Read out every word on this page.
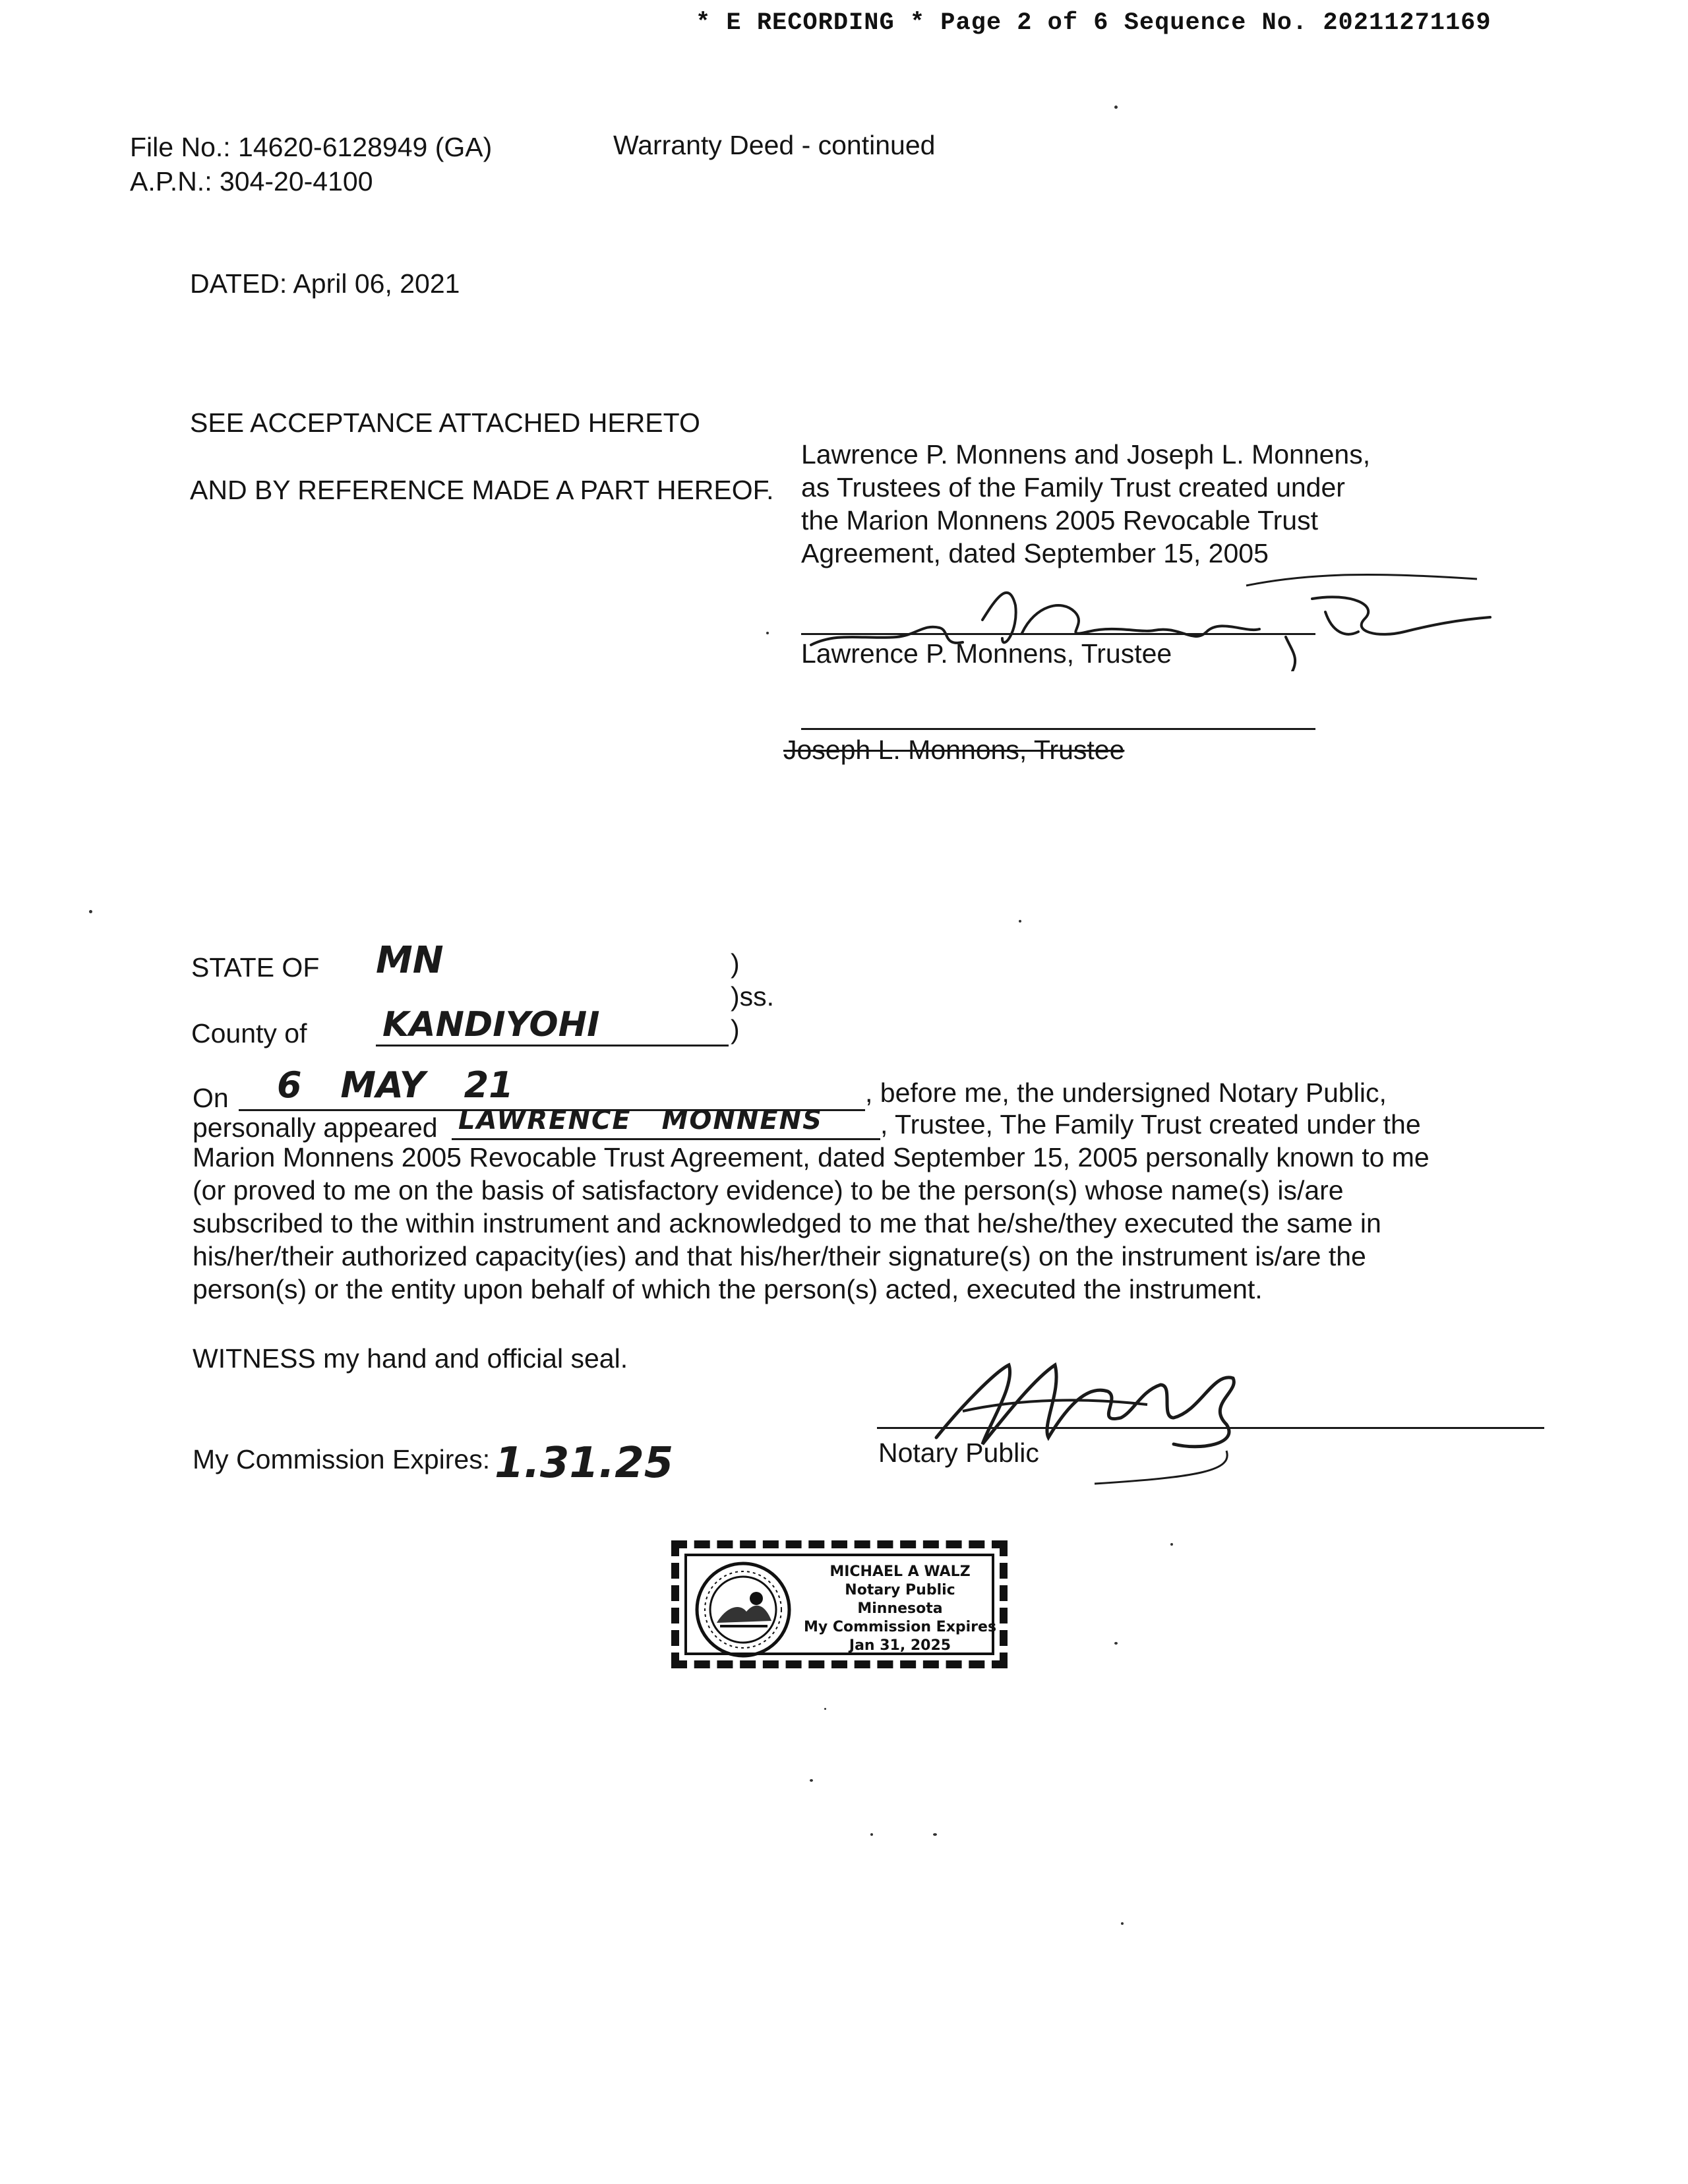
* E RECORDING * Page 2 of 6 Sequence No. 20211271169
File No.: 14620-6128949 (GA)
A.P.N.: 304-20-4100
Warranty Deed - continued
DATED: April 06, 2021
SEE ACCEPTANCE ATTACHED HERETO
AND BY REFERENCE MADE A PART HEREOF.
Lawrence P. Monnens and Joseph L. Monnens,
as Trustees of the Family Trust created under
the Marion Monnens 2005 Revocable Trust
Agreement, dated September 15, 2005
Lawrence P. Monnens, Trustee
Joseph L. Monnons, Trustee
STATE OF MN	)
)ss.
County of KANDIYOHI	)
On 6 MAY 21	, before me, the undersigned Notary Public,
personally appeared LAWRENCE MONNENS , Trustee, The Family Trust created under the
Marion Monnens 2005 Revocable Trust Agreement, dated September 15, 2005 personally known to me
(or proved to me on the basis of satisfactory evidence) to be the person(s) whose name(s) is/are
subscribed to the within instrument and acknowledged to me that he/she/they executed the same in
his/her/their authorized capacity(ies) and that his/her/their signature(s) on the instrument is/are the
person(s) or the entity upon behalf of which the person(s) acted, executed the instrument.
WITNESS my hand and official seal.
Notary Public
My Commission Expires: 1.31.25
MICHAEL A WALZ
Notary Public
Minnesota
My Commission Expires
Jan 31, 2025
